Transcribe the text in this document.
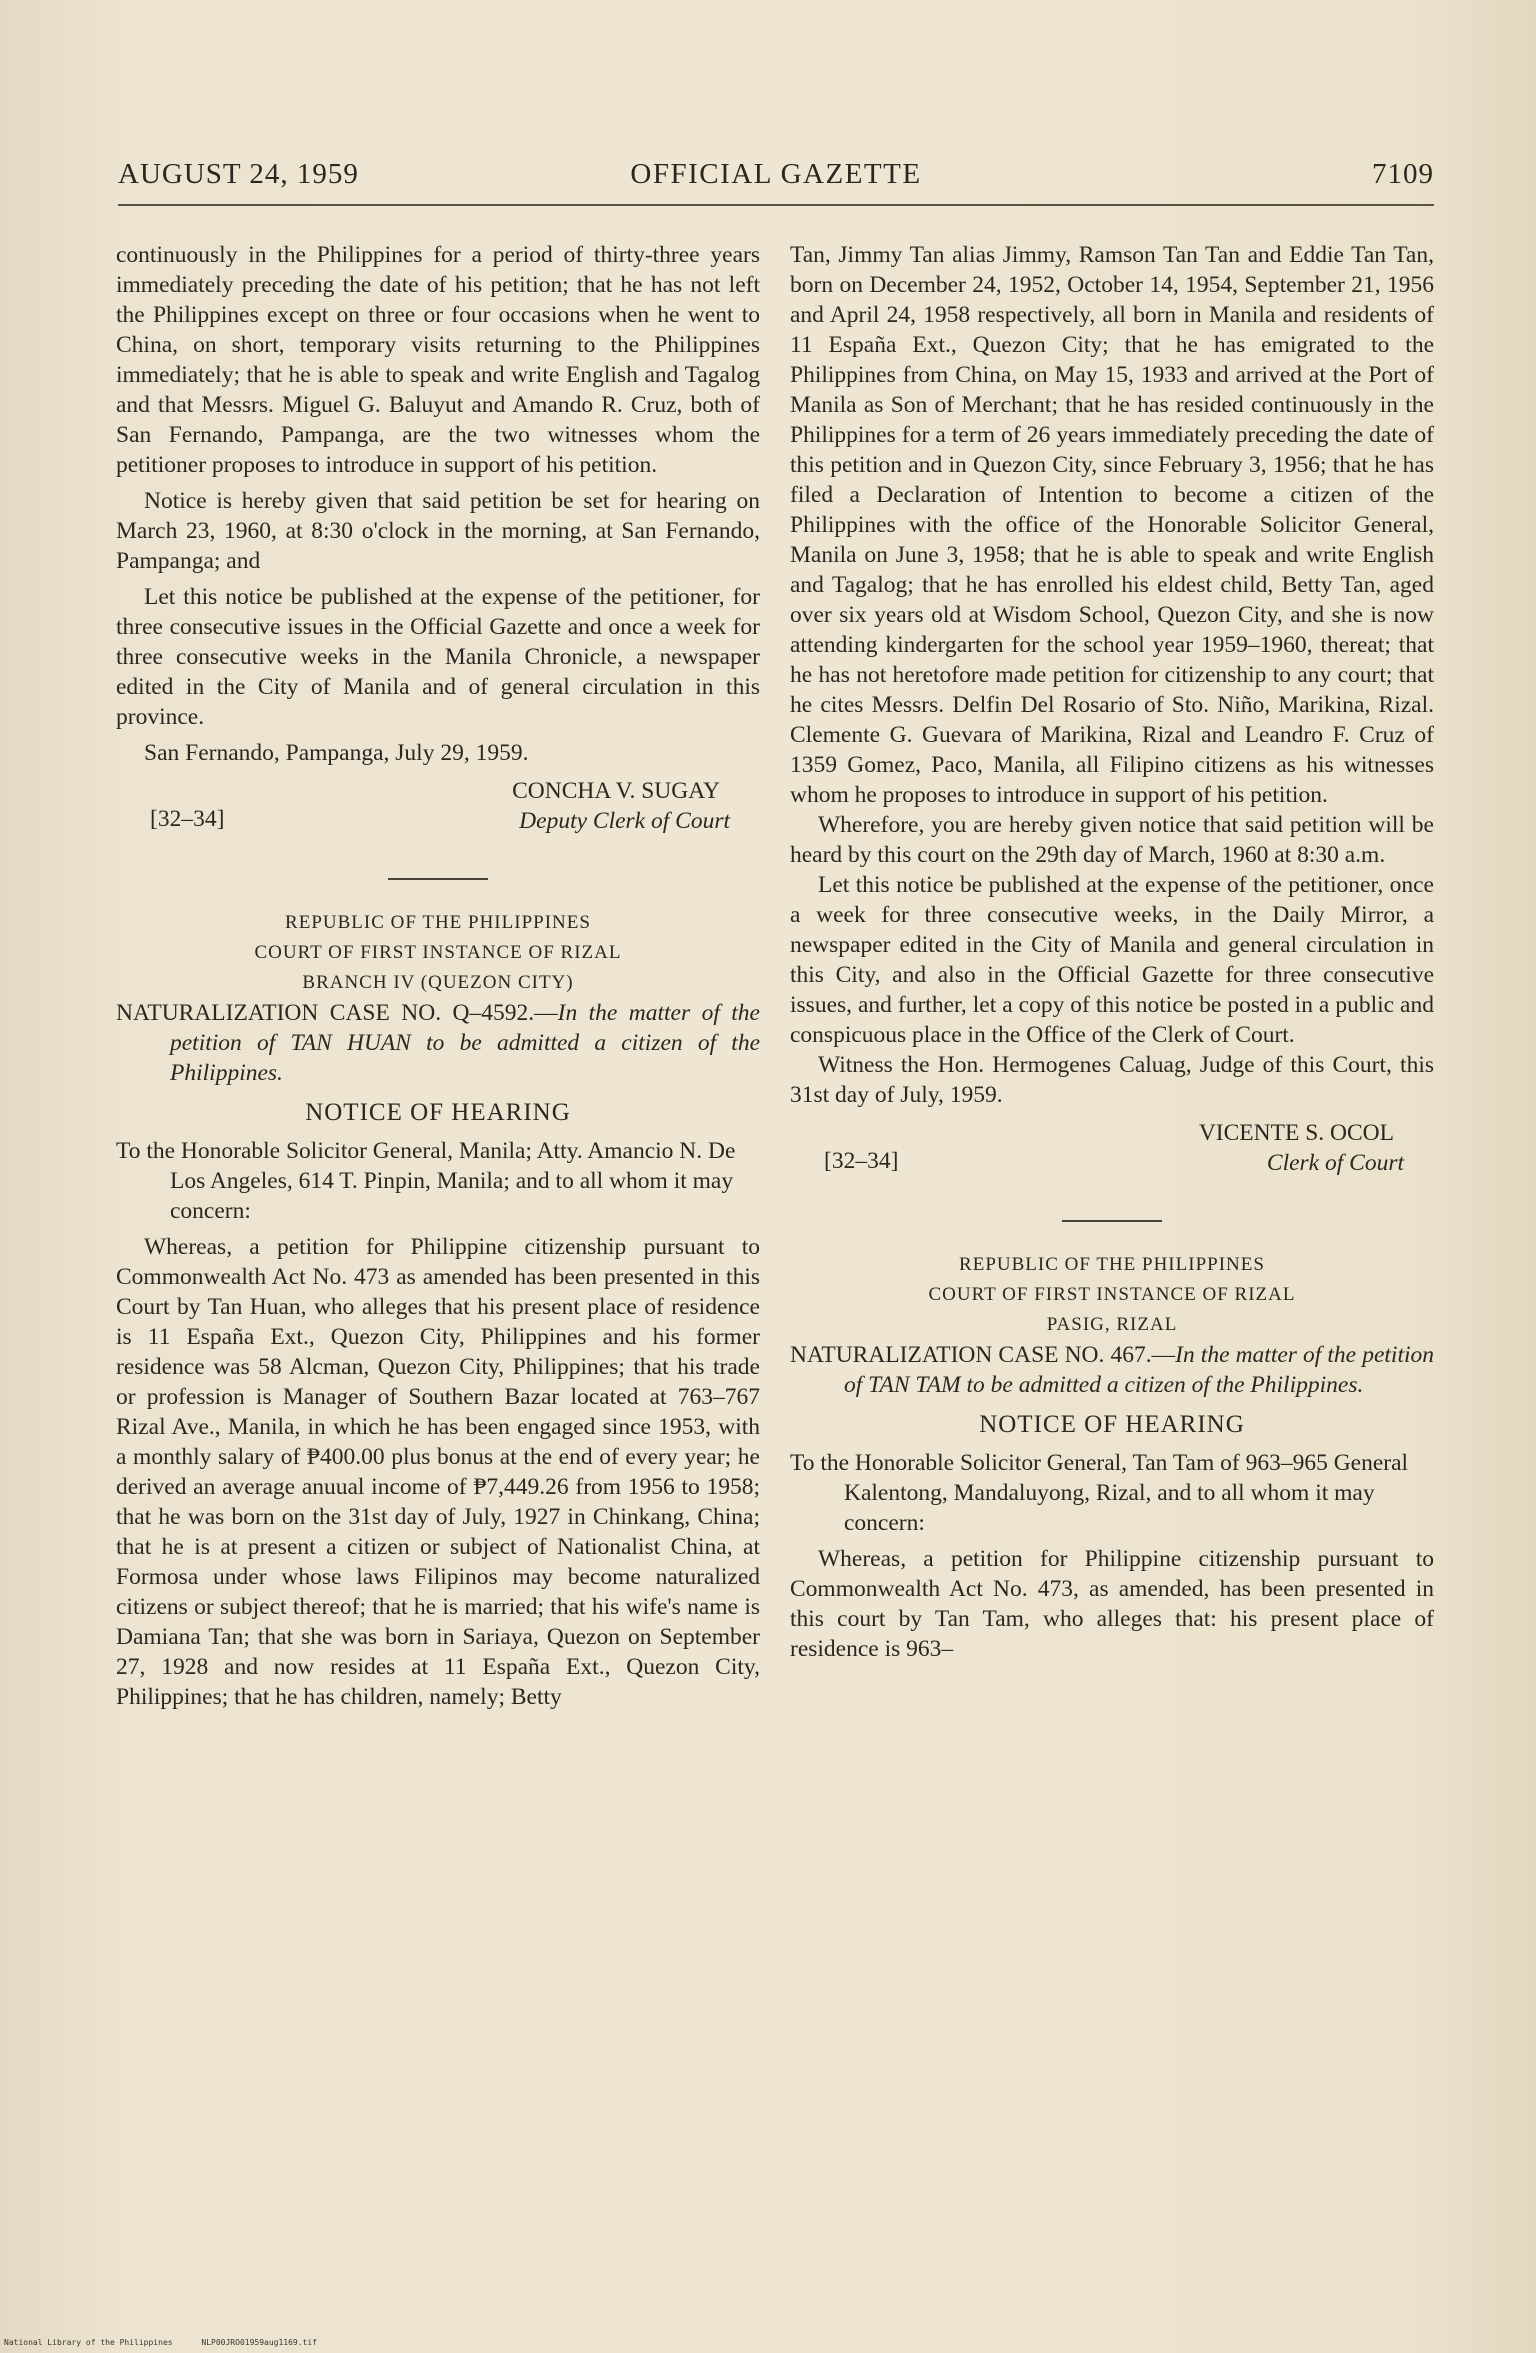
AUGUST 24, 1959	OFFICIAL GAZETTE	7109

continuously in the Philippines for a period of thirty-three years immediately preceding the date of his petition; that he has not left the Philippines except on three or four occasions when he went to China, on short, temporary visits returning to the Philippines immediately; that he is able to speak and write English and Tagalog and that Messrs. Miguel G. Baluyut and Amando R. Cruz, both of San Fernando, Pampanga, are the two witnesses whom the petitioner proposes to introduce in support of his petition.

Notice is hereby given that said petition be set for hearing on March 23, 1960, at 8:30 o'clock in the morning, at San Fernando, Pampanga; and

Let this notice be published at the expense of the petitioner, for three consecutive issues in the Official Gazette and once a week for three consecutive weeks in the Manila Chronicle, a newspaper edited in the City of Manila and of general circulation in this province.

San Fernando, Pampanga, July 29, 1959.

CONCHA V. SUGAY
Deputy Clerk of Court
[32–34]
REPUBLIC OF THE PHILIPPINES
COURT OF FIRST INSTANCE OF RIZAL
BRANCH IV (QUEZON CITY)

NATURALIZATION CASE NO. Q–4592.—In the matter of the petition of TAN HUAN to be admitted a citizen of the Philippines.

NOTICE OF HEARING

To the Honorable Solicitor General, Manila; Atty. Amancio N. De Los Angeles, 614 T. Pinpin, Manila; and to all whom it may concern:

Whereas, a petition for Philippine citizenship pursuant to Commonwealth Act No. 473 as amended has been presented in this Court by Tan Huan, who alleges that his present place of residence is 11 España Ext., Quezon City, Philippines and his former residence was 58 Alcman, Quezon City, Philippines; that his trade or profession is Manager of Southern Bazar located at 763–767 Rizal Ave., Manila, in which he has been engaged since 1953, with a monthly salary of ₱400.00 plus bonus at the end of every year; he derived an average anuual income of ₱7,449.26 from 1956 to 1958; that he was born on the 31st day of July, 1927 in Chinkang, China; that he is at present a citizen or subject of Nationalist China, at Formosa under whose laws Filipinos may become naturalized citizens or subject thereof; that he is married; that his wife's name is Damiana Tan; that she was born in Sariaya, Quezon on September 27, 1928 and now resides at 11 España Ext., Quezon City, Philippines; that he has children, namely; Betty

Tan, Jimmy Tan alias Jimmy, Ramson Tan Tan and Eddie Tan Tan, born on December 24, 1952, October 14, 1954, September 21, 1956 and April 24, 1958 respectively, all born in Manila and residents of 11 España Ext., Quezon City; that he has emigrated to the Philippines from China, on May 15, 1933 and arrived at the Port of Manila as Son of Merchant; that he has resided continuously in the Philippines for a term of 26 years immediately preceding the date of this petition and in Quezon City, since February 3, 1956; that he has filed a Declaration of Intention to become a citizen of the Philippines with the office of the Honorable Solicitor General, Manila on June 3, 1958; that he is able to speak and write English and Tagalog; that he has enrolled his eldest child, Betty Tan, aged over six years old at Wisdom School, Quezon City, and she is now attending kindergarten for the school year 1959–1960, thereat; that he has not heretofore made petition for citizenship to any court; that he cites Messrs. Delfin Del Rosario of Sto. Niño, Marikina, Rizal. Clemente G. Guevara of Marikina, Rizal and Leandro F. Cruz of 1359 Gomez, Paco, Manila, all Filipino citizens as his witnesses whom he proposes to introduce in support of his petition.

Wherefore, you are hereby given notice that said petition will be heard by this court on the 29th day of March, 1960 at 8:30 a.m.

Let this notice be published at the expense of the petitioner, once a week for three consecutive weeks, in the Daily Mirror, a newspaper edited in the City of Manila and general circulation in this City, and also in the Official Gazette for three consecutive issues, and further, let a copy of this notice be posted in a public and conspicuous place in the Office of the Clerk of Court.

Witness the Hon. Hermogenes Caluag, Judge of this Court, this 31st day of July, 1959.

VICENTE S. OCOL
Clerk of Court
[32–34]
REPUBLIC OF THE PHILIPPINES
COURT OF FIRST INSTANCE OF RIZAL
PASIG, RIZAL

NATURALIZATION CASE NO. 467.—In the matter of the petition of TAN TAM to be admitted a citizen of the Philippines.

NOTICE OF HEARING

To the Honorable Solicitor General, Tan Tam of 963–965 General Kalentong, Mandaluyong, Rizal, and to all whom it may concern:

Whereas, a petition for Philippine citizenship pursuant to Commonwealth Act No. 473, as amended, has been presented in this court by Tan Tam, who alleges that: his present place of residence is 963–

National Library of the Philippines	NLP00JRO01959aug1169.tif
